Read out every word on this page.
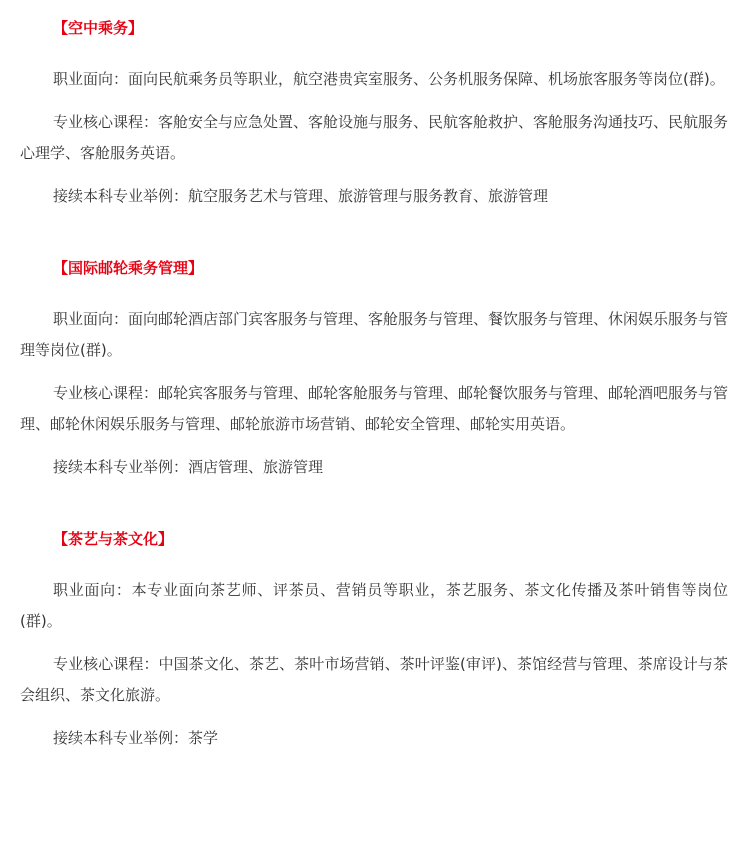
【空中乘务】

职业面向：面向民航乘务员等职业，航空港贵宾室服务、公务机服务保障、机场旅客服务等岗位(群)。

专业核心课程：客舱安全与应急处置、客舱设施与服务、民航客舱救护、客舱服务沟通技巧、民航服务心理学、客舱服务英语。

接续本科专业举例：航空服务艺术与管理、旅游管理与服务教育、旅游管理

【国际邮轮乘务管理】

职业面向：面向邮轮酒店部门宾客服务与管理、客舱服务与管理、餐饮服务与管理、休闲娱乐服务与管理等岗位(群)。

专业核心课程：邮轮宾客服务与管理、邮轮客舱服务与管理、邮轮餐饮服务与管理、邮轮酒吧服务与管理、邮轮休闲娱乐服务与管理、邮轮旅游市场营销、邮轮安全管理、邮轮实用英语。

接续本科专业举例：酒店管理、旅游管理

【茶艺与茶文化】

职业面向：本专业面向茶艺师、评茶员、营销员等职业，茶艺服务、茶文化传播及茶叶销售等岗位(群)。

专业核心课程：中国茶文化、茶艺、茶叶市场营销、茶叶评鉴(审评)、茶馆经营与管理、茶席设计与茶会组织、茶文化旅游。

接续本科专业举例：茶学
